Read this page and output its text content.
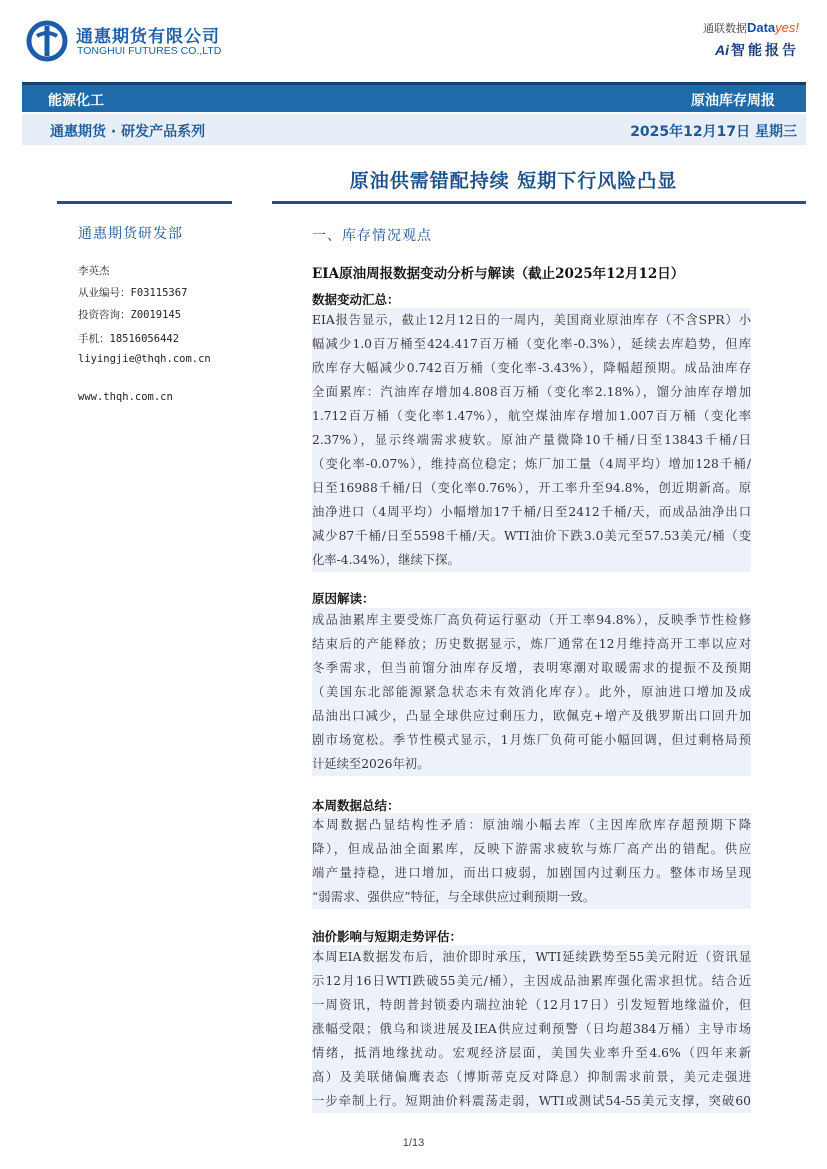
通惠期货有限公司
TONGHUI FUTURES CO.,LTD
通联数据Datayes!
Ai 智能报告
能源化工	原油库存周报
通惠期货 · 研发产品系列	2025年12月17日 星期三
原油供需错配持续 短期下行风险凸显
通惠期货研发部
李英杰
从业编号：F03115367
投资咨询：Z0019145
手机：18516056442
liyingjie@thqh.com.cn
www.thqh.com.cn
一、库存情况观点
EIA原油周报数据变动分析与解读（截止2025年12月12日）
数据变动汇总：
EIA报告显示，截止12月12日的一周内，美国商业原油库存（不含SPR）小
幅减少1.0百万桶至424.417百万桶（变化率-0.3%），延续去库趋势，但库
欣库存大幅减少0.742百万桶（变化率-3.43%），降幅超预期。成品油库存
全面累库：汽油库存增加4.808百万桶（变化率2.18%），馏分油库存增加
1.712百万桶（变化率1.47%），航空煤油库存增加1.007百万桶（变化率
2.37%），显示终端需求疲软。原油产量微降10千桶/日至13843千桶/日
（变化率-0.07%），维持高位稳定；炼厂加工量（4周平均）增加128千桶/
日至16988千桶/日（变化率0.76%），开工率升至94.8%，创近期新高。原
油净进口（4周平均）小幅增加17千桶/日至2412千桶/天，而成品油净出口
减少87千桶/日至5598千桶/天。WTI油价下跌3.0美元至57.53美元/桶（变
化率-4.34%），继续下探。
原因解读：
成品油累库主要受炼厂高负荷运行驱动（开工率94.8%），反映季节性检修
结束后的产能释放；历史数据显示，炼厂通常在12月维持高开工率以应对
冬季需求，但当前馏分油库存反增，表明寒潮对取暖需求的提振不及预期
（美国东北部能源紧急状态未有效消化库存）。此外，原油进口增加及成
品油出口减少，凸显全球供应过剩压力，欧佩克+增产及俄罗斯出口回升加
剧市场宽松。季节性模式显示，1月炼厂负荷可能小幅回调，但过剩格局预
计延续至2026年初。
本周数据总结：
本周数据凸显结构性矛盾：原油端小幅去库（主因库欣库存超预期下降
降），但成品油全面累库，反映下游需求疲软与炼厂高产出的错配。供应
端产量持稳，进口增加，而出口疲弱，加剧国内过剩压力。整体市场呈现
“弱需求、强供应”特征，与全球供应过剩预期一致。
油价影响与短期走势评估：
本周EIA数据发布后，油价即时承压，WTI延续跌势至55美元附近（资讯显
示12月16日WTI跌破55美元/桶），主因成品油累库强化需求担忧。结合近
一周资讯，特朗普封锁委内瑞拉油轮（12月17日）引发短暂地缘溢价，但
涨幅受限；俄乌和谈进展及IEA供应过剩预警（日均超384万桶）主导市场
情绪，抵消地缘扰动。宏观经济层面，美国失业率升至4.6%（四年来新
高）及美联储偏鹰表态（博斯蒂克反对降息）抑制需求前景，美元走强进
一步牵制上行。短期油价料震荡走弱，WTI或测试54-55美元支撑，突破60
1/13
